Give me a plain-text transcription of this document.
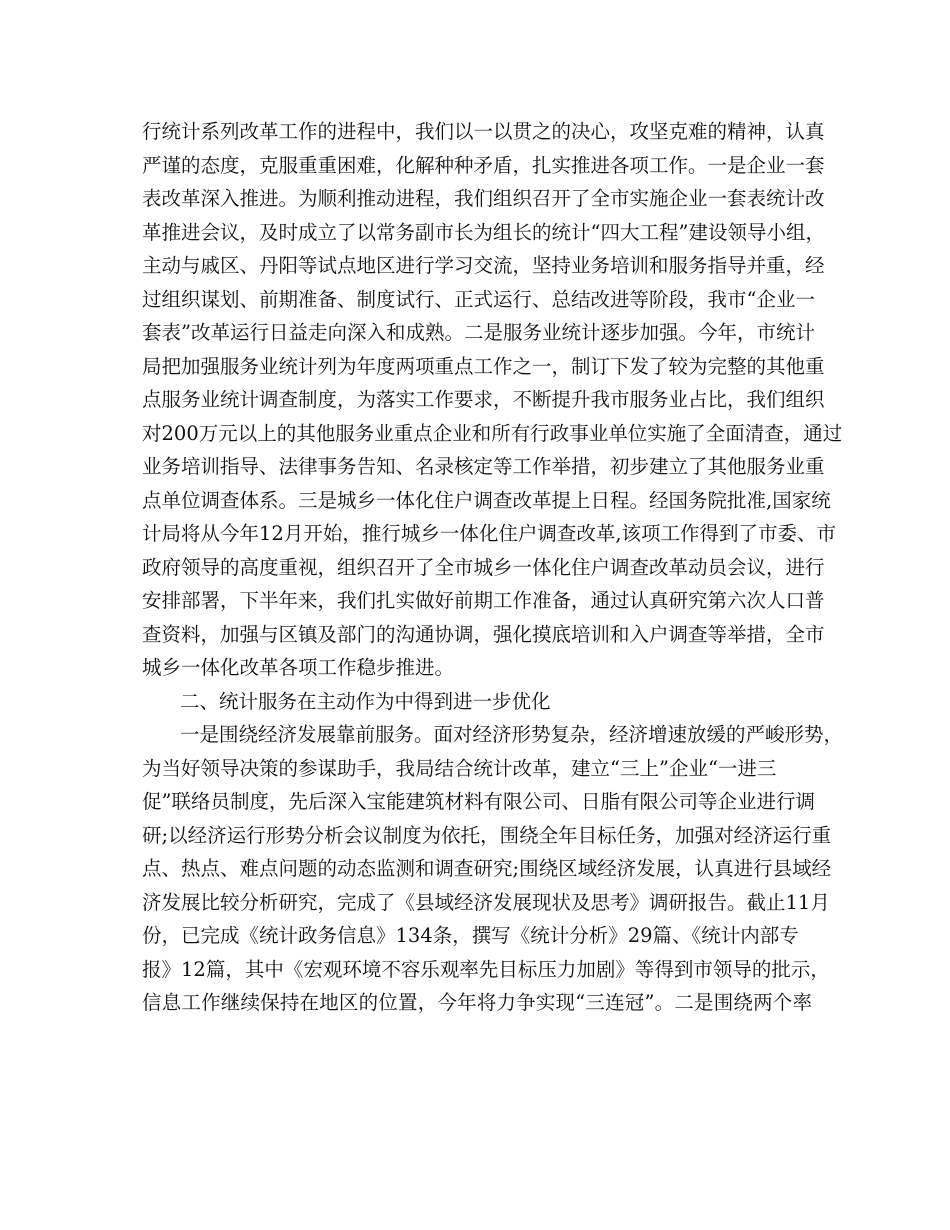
行统计系列改革工作的进程中，我们以一以贯之的决心，攻坚克难的精神，认真
严谨的态度，克服重重困难，化解种种矛盾，扎实推进各项工作。一是企业一套
表改革深入推进。为顺利推动进程，我们组织召开了全市实施企业一套表统计改
革推进会议，及时成立了以常务副市长为组长的统计“四大工程”建设领导小组，
主动与戚区、丹阳等试点地区进行学习交流，坚持业务培训和服务指导并重，经
过组织谋划、前期准备、制度试行、正式运行、总结改进等阶段，我市“企业一
套表”改革运行日益走向深入和成熟。二是服务业统计逐步加强。今年，市统计
局把加强服务业统计列为年度两项重点工作之一，制订下发了较为完整的其他重
点服务业统计调查制度，为落实工作要求，不断提升我市服务业占比，我们组织
对200万元以上的其他服务业重点企业和所有行政事业单位实施了全面清查，通过
业务培训指导、法律事务告知、名录核定等工作举措，初步建立了其他服务业重
点单位调查体系。三是城乡一体化住户调查改革提上日程。经国务院批准,国家统
计局将从今年12月开始，推行城乡一体化住户调查改革,该项工作得到了市委、市
政府领导的高度重视，组织召开了全市城乡一体化住户调查改革动员会议，进行
安排部署，下半年来，我们扎实做好前期工作准备，通过认真研究第六次人口普
查资料，加强与区镇及部门的沟通协调，强化摸底培训和入户调查等举措，全市
城乡一体化改革各项工作稳步推进。
二、统计服务在主动作为中得到进一步优化
一是围绕经济发展靠前服务。面对经济形势复杂，经济增速放缓的严峻形势，
为当好领导决策的参谋助手，我局结合统计改革，建立“三上”企业“一进三
促”联络员制度，先后深入宝能建筑材料有限公司、日脂有限公司等企业进行调
研;以经济运行形势分析会议制度为依托，围绕全年目标任务，加强对经济运行重
点、热点、难点问题的动态监测和调查研究;围绕区域经济发展，认真进行县域经
济发展比较分析研究，完成了《县域经济发展现状及思考》调研报告。截止11月
份，已完成《统计政务信息》134条，撰写《统计分析》29篇、《统计内部专
报》12篇，其中《宏观环境不容乐观率先目标压力加剧》等得到市领导的批示，
信息工作继续保持在地区的位置，今年将力争实现“三连冠”。二是围绕两个率
